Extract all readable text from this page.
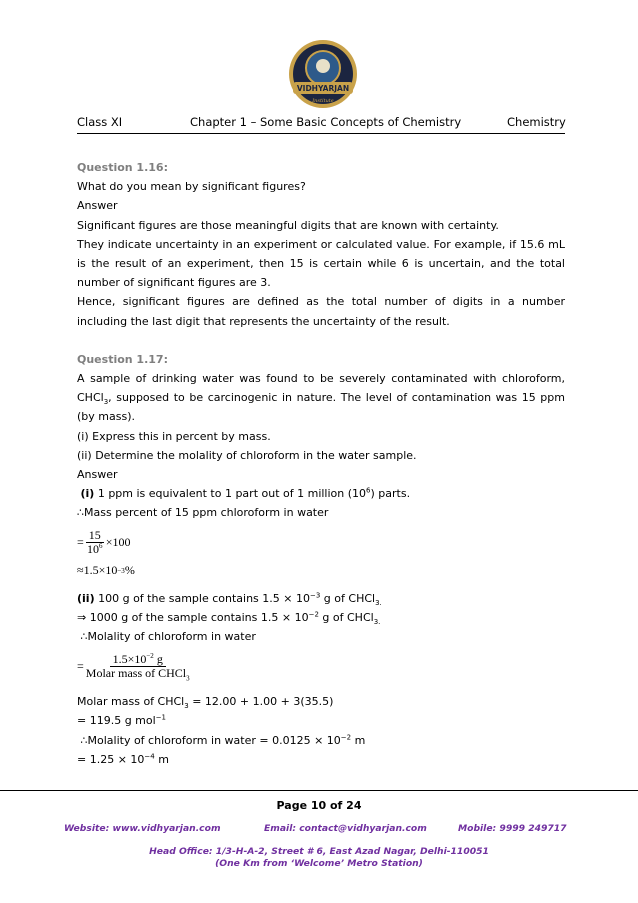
VIDHYARJAN
Institute
Class XI	Chapter 1 – Some Basic Concepts of Chemistry	Chemistry

Question 1.16:

What do you mean by significant figures?

Answer

Significant figures are those meaningful digits that are known with certainty.

They indicate uncertainty in an experiment or calculated value. For example, if 15.6 mL is the result of an experiment, then 15 is certain while 6 is uncertain, and the total number of significant figures are 3.

Hence, significant figures are defined as the total number of digits in a number including the last digit that represents the uncertainty of the result.

Question 1.17:

A sample of drinking water was found to be severely contaminated with chloroform, CHCl$_3$, supposed to be carcinogenic in nature. The level of contamination was 15 ppm (by mass).

(i) Express this in percent by mass.

(ii) Determine the molality of chloroform in the water sample.

Answer

(i) 1 ppm is equivalent to 1 part out of 1 million $(10^6)$ parts.

∴Mass percent of 15 ppm chloroform in water

= $\frac{15}{10^6} \times 100$
≈1.5×10 −3 %

(ii) 100 g of the sample contains $1.5 \times 10^{-3}$ g of CHCl$_{3.}$

⇒ 1000 g of the sample contains $1.5 \times 10^{-2}$ g of CHCl$_{3.}$

∴Molality of chloroform in water

= $\frac{1.5\times 10^{-2} g}{Molar mass of CHCl_3}$

Molar mass of CHCl$_3$ = 12.00 + 1.00 + 3(35.5)

= 119.5 g mol$^{-1}$

∴Molality of chloroform in water = $0.0125 \times 10^{-2}$ m

= $1.25 \times 10^{-4}$ m

Page 10 of 24
Website: www.vidhyarjan.com	Email: contact@vidhyarjan.com	Mobile: 9999 249717
Head Office: 1/3-H-A-2, Street # 6, East Azad Nagar, Delhi-110051
(One Km from ‘Welcome’ Metro Station)
